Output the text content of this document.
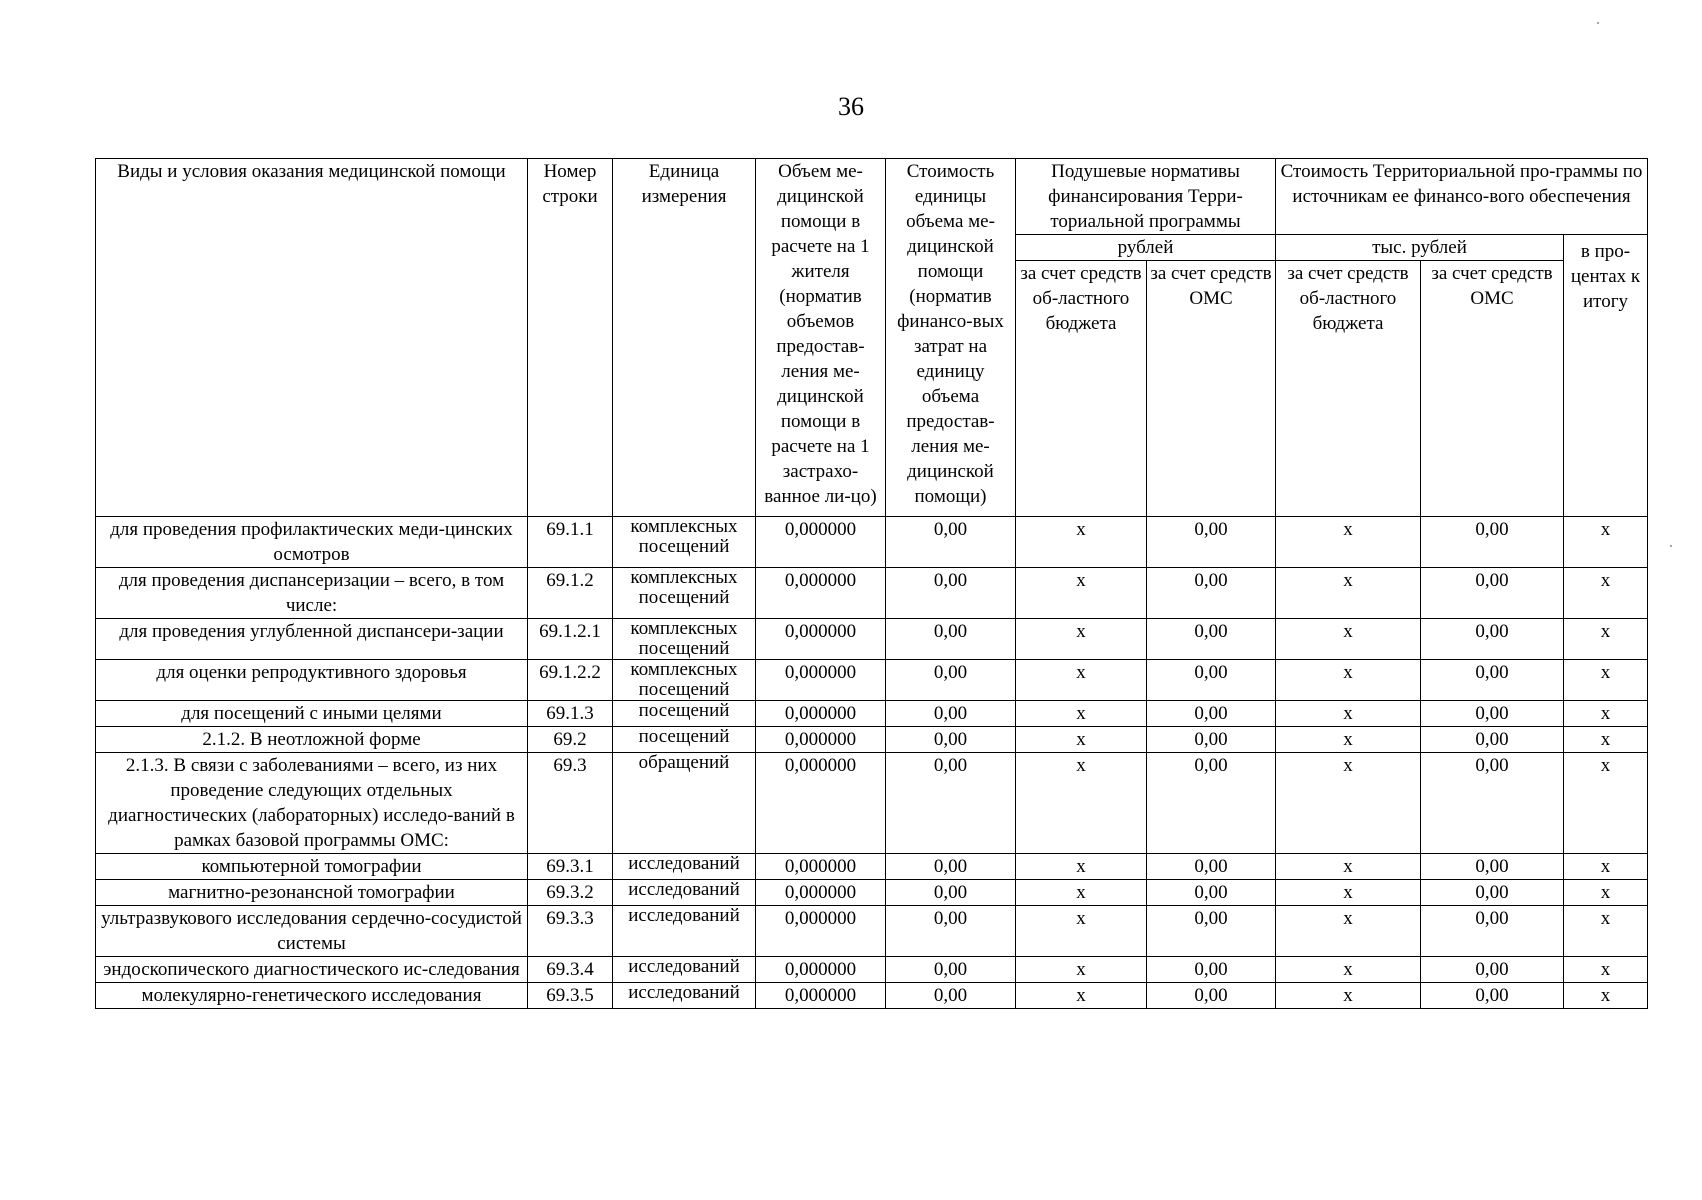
36
Виды и условия оказания медицинской помощи	Номер строки	Единица измерения	Объем ме-дицинской помощи в расчете на 1 жителя (норматив объемов предостав-ления ме-дицинской помощи в расчете на 1 застрахо-ванное ли-цо)	Стоимость единицы объема ме-дицинской помощи (норматив финансо-вых затрат на единицу объема предостав-ления ме-дицинской помощи)	Подушевые нормативы финансирования Терри-ториальной программы		Стоимость Территориальной про-граммы по источникам ее финансо-вого обеспечения		
					рублей		тыс. рублей		в про-центах к итогу
					за счет средств об-ластного бюджета	за счет средств ОМС	за счет средств об-ластного бюджета	за счет средств ОМС	
для проведения профилактических меди-цинских осмотров	69.1.1	комплексных посещений	0,000000	0,00	х	0,00	х	0,00	х
для проведения диспансеризации – всего, в том числе:	69.1.2	комплексных посещений	0,000000	0,00	х	0,00	х	0,00	х
для проведения углубленной диспансери-зации	69.1.2.1	комплексных посещений	0,000000	0,00	х	0,00	х	0,00	х
для оценки репродуктивного здоровья	69.1.2.2	комплексных посещений	0,000000	0,00	х	0,00	х	0,00	х
для посещений с иными целями	69.1.3	посещений	0,000000	0,00	х	0,00	х	0,00	х
2.1.2. В неотложной форме	69.2	посещений	0,000000	0,00	х	0,00	х	0,00	х
2.1.3. В связи с заболеваниями – всего, из них проведение следующих отдельных диагностических (лабораторных) исследо-ваний в рамках базовой программы ОМС:	69.3	обращений	0,000000	0,00	х	0,00	х	0,00	х
компьютерной томографии	69.3.1	исследований	0,000000	0,00	х	0,00	х	0,00	х
магнитно-резонансной томографии	69.3.2	исследований	0,000000	0,00	х	0,00	х	0,00	х
ультразвукового исследования сердечно-сосудистой системы	69.3.3	исследований	0,000000	0,00	х	0,00	х	0,00	х
эндоскопического диагностического ис-следования	69.3.4	исследований	0,000000	0,00	х	0,00	х	0,00	х
молекулярно-генетического исследования	69.3.5	исследований	0,000000	0,00	х	0,00	х	0,00	х
